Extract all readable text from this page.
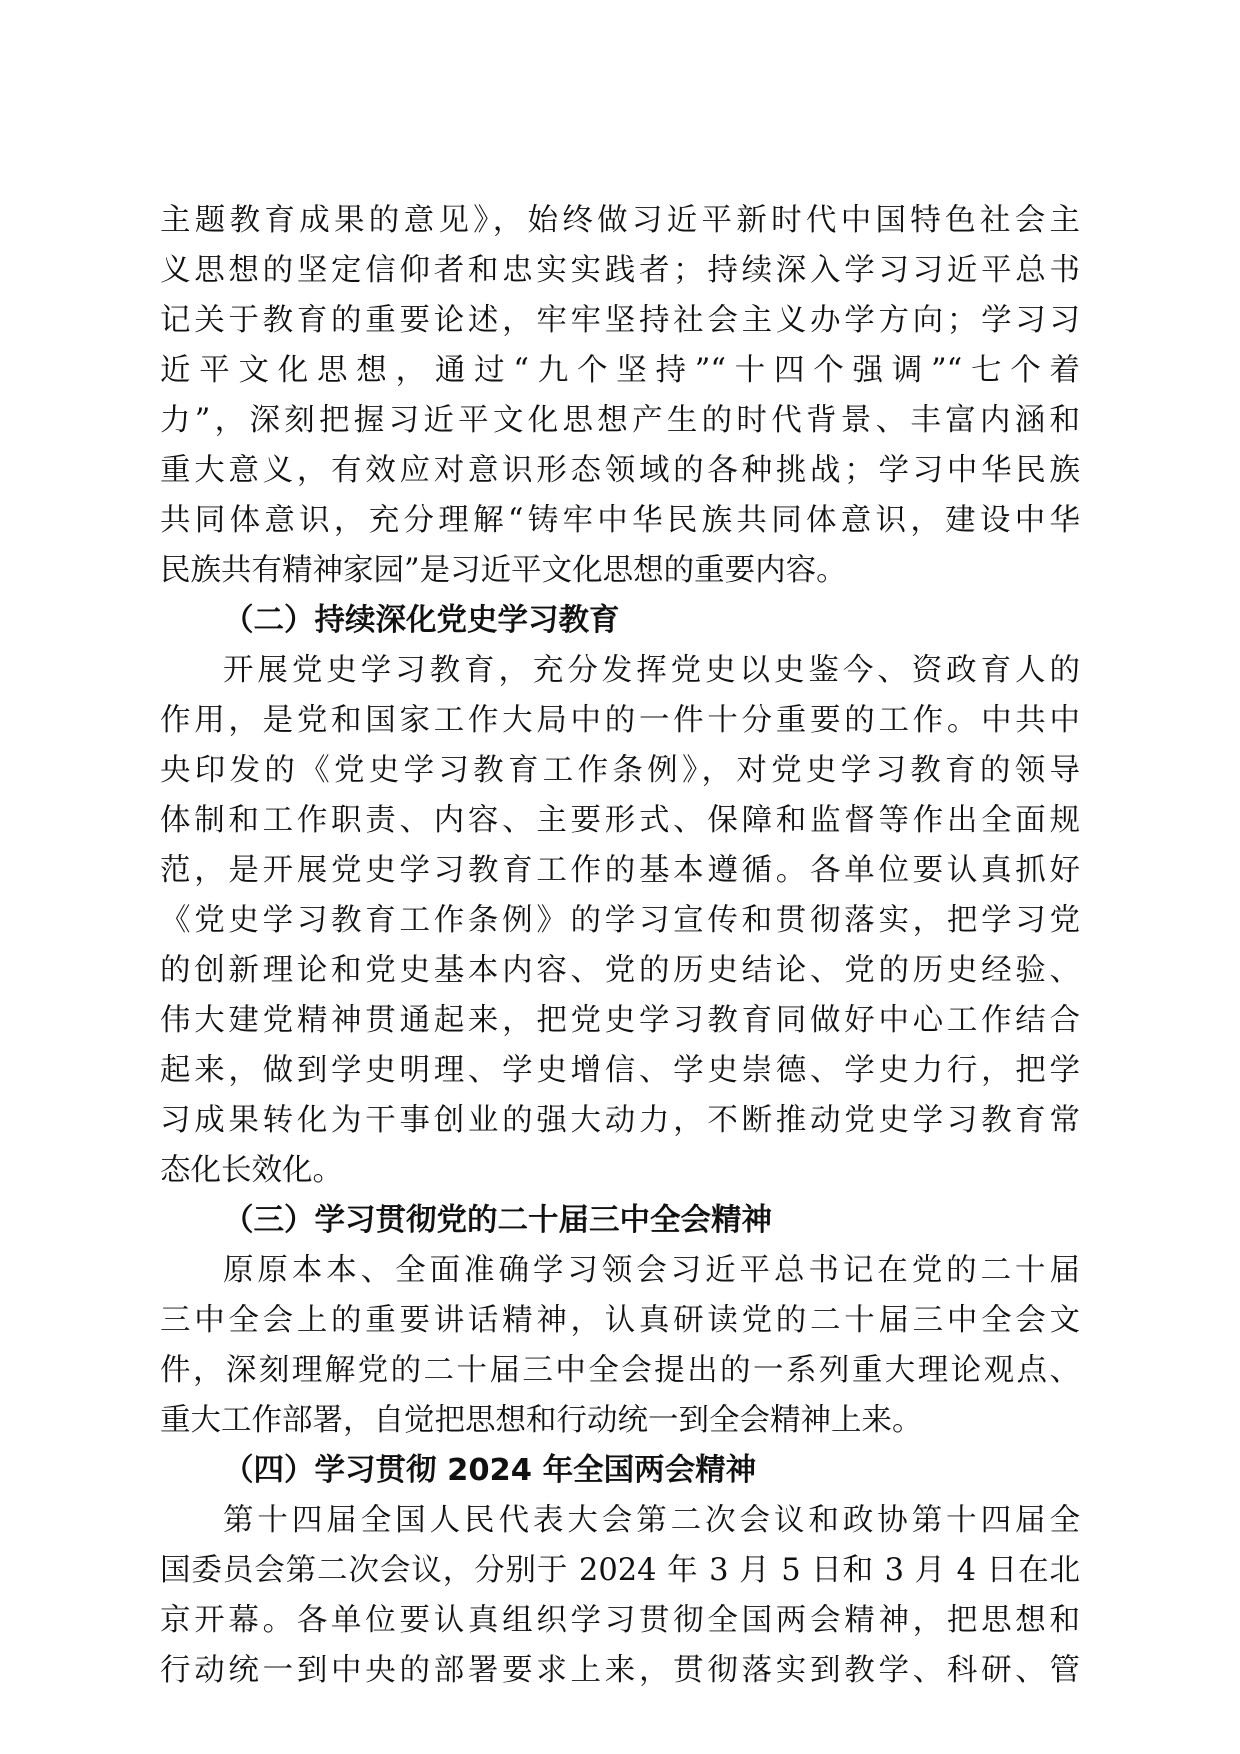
主题教育成果的意见》，始终做习近平新时代中国特色社会主
义思想的坚定信仰者和忠实实践者；持续深入学习习近平总书
记关于教育的重要论述，牢牢坚持社会主义办学方向；学习习
近平文化思想，通过“九个坚持”“十四个强调”“七个着
力”，深刻把握习近平文化思想产生的时代背景、丰富内涵和
重大意义，有效应对意识形态领域的各种挑战；学习中华民族
共同体意识，充分理解“铸牢中华民族共同体意识，建设中华
民族共有精神家园”是习近平文化思想的重要内容。
（二）持续深化党史学习教育
开展党史学习教育，充分发挥党史以史鉴今、资政育人的
作用，是党和国家工作大局中的一件十分重要的工作。中共中
央印发的《党史学习教育工作条例》，对党史学习教育的领导
体制和工作职责、内容、主要形式、保障和监督等作出全面规
范，是开展党史学习教育工作的基本遵循。各单位要认真抓好
《党史学习教育工作条例》的学习宣传和贯彻落实，把学习党
的创新理论和党史基本内容、党的历史结论、党的历史经验、
伟大建党精神贯通起来，把党史学习教育同做好中心工作结合
起来，做到学史明理、学史增信、学史崇德、学史力行，把学
习成果转化为干事创业的强大动力，不断推动党史学习教育常
态化长效化。
（三）学习贯彻党的二十届三中全会精神
原原本本、全面准确学习领会习近平总书记在党的二十届
三中全会上的重要讲话精神，认真研读党的二十届三中全会文
件，深刻理解党的二十届三中全会提出的一系列重大理论观点、
重大工作部署，自觉把思想和行动统一到全会精神上来。
（四）学习贯彻 2024 年全国两会精神
第十四届全国人民代表大会第二次会议和政协第十四届全
国委员会第二次会议，分别于 2024 年 3 月 5 日和 3 月 4 日在北
京开幕。各单位要认真组织学习贯彻全国两会精神，把思想和
行动统一到中央的部署要求上来，贯彻落实到教学、科研、管
